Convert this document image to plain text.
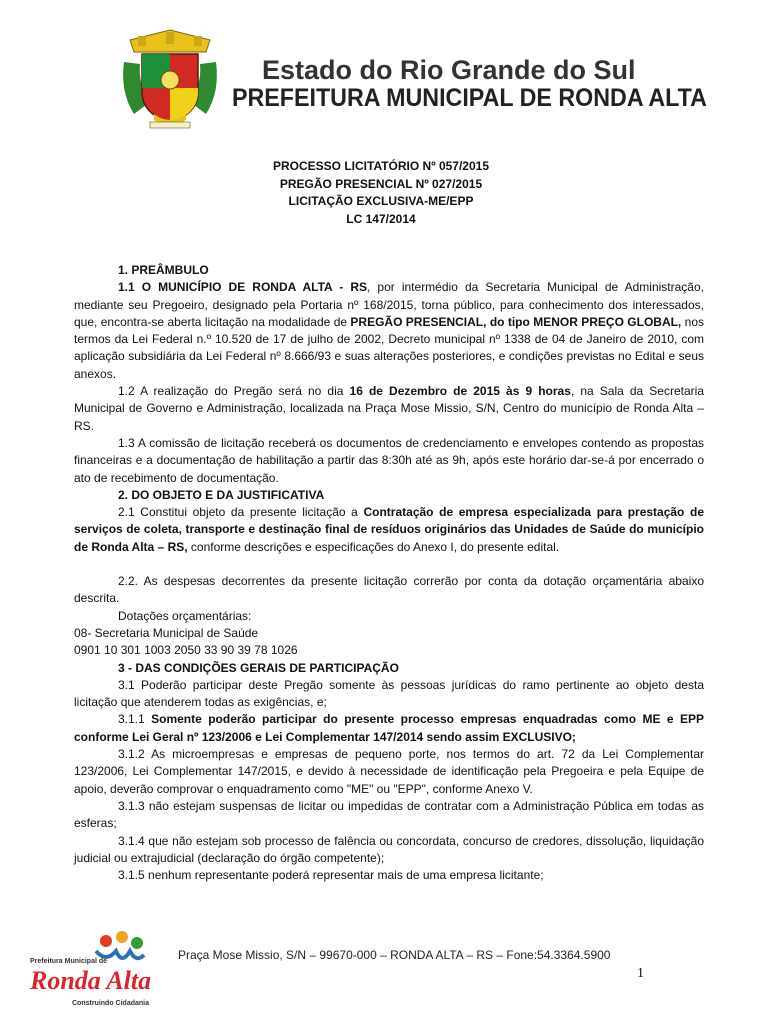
Estado do Rio Grande do Sul
PREFEITURA MUNICIPAL DE RONDA ALTA
PROCESSO LICITATÓRIO Nº 057/2015
PREGÃO PRESENCIAL Nº 027/2015
LICITAÇÃO EXCLUSIVA-ME/EPP
LC 147/2014

1. PREÂMBULO

1.1 O MUNICÍPIO DE RONDA ALTA - RS, por intermédio da Secretaria Municipal de Administração, mediante seu Pregoeiro, designado pela Portaria nº 168/2015, torna público, para conhecimento dos interessados, que, encontra-se aberta licitação na modalidade de PREGÃO PRESENCIAL, do tipo MENOR PREÇO GLOBAL, nos termos da Lei Federal n.º 10.520 de 17 de julho de 2002, Decreto municipal nº 1338 de 04 de Janeiro de 2010, com aplicação subsidiária da Lei Federal nº 8.666/93 e suas alterações posteriores, e condições previstas no Edital e seus anexos.

1.2 A realização do Pregão será no dia 16 de Dezembro de 2015 às 9 horas, na Sala da Secretaria Municipal de Governo e Administração, localizada na Praça Mose Missio, S/N, Centro do município de Ronda Alta – RS.

1.3 A comissão de licitação receberá os documentos de credenciamento e envelopes contendo as propostas financeiras e a documentação de habilitação a partir das 8:30h até as 9h, após este horário dar-se-á por encerrado o ato de recebimento de documentação.

2. DO OBJETO E DA JUSTIFICATIVA

2.1 Constitui objeto da presente licitação a Contratação de empresa especializada para prestação de serviços de coleta, transporte e destinação final de resíduos originários das Unidades de Saúde do município de Ronda Alta – RS, conforme descrições e especificações do Anexo I, do presente edital.

2.2. As despesas decorrentes da presente licitação correrão por conta da dotação orçamentária abaixo descrita.

Dotações orçamentárias:

08- Secretaria Municipal de Saúde

0901 10 301 1003 2050 33 90 39 78 1026

3 - DAS CONDIÇÕES GERAIS DE PARTICIPAÇÃO

3.1 Poderão participar deste Pregão somente às pessoas jurídicas do ramo pertinente ao objeto desta licitação que atenderem todas as exigências, e;

3.1.1 Somente poderão participar do presente processo empresas enquadradas como ME e EPP conforme Lei Geral nº 123/2006 e Lei Complementar 147/2014 sendo assim EXCLUSIVO;

3.1.2 As microempresas e empresas de pequeno porte, nos termos do art. 72 da Lei Complementar 123/2006, Lei Complementar 147/2015, e devido à necessidade de identificação pela Pregoeira e pela Equipe de apoio, deverão comprovar o enquadramento como "ME" ou "EPP", conforme Anexo V.

3.1.3 não estejam suspensas de licitar ou impedidas de contratar com a Administração Pública em todas as esferas;

3.1.4 que não estejam sob processo de falência ou concordata, concurso de credores, dissolução, liquidação judicial ou extrajudicial (declaração do órgão competente);

3.1.5 nenhum representante poderá representar mais de uma empresa licitante;

Prefeitura Municipal de
Ronda Alta
Construindo Cidadania
Praça Mose Missio, S/N – 99670-000 – RONDA ALTA – RS – Fone:54.3364.5900
1
